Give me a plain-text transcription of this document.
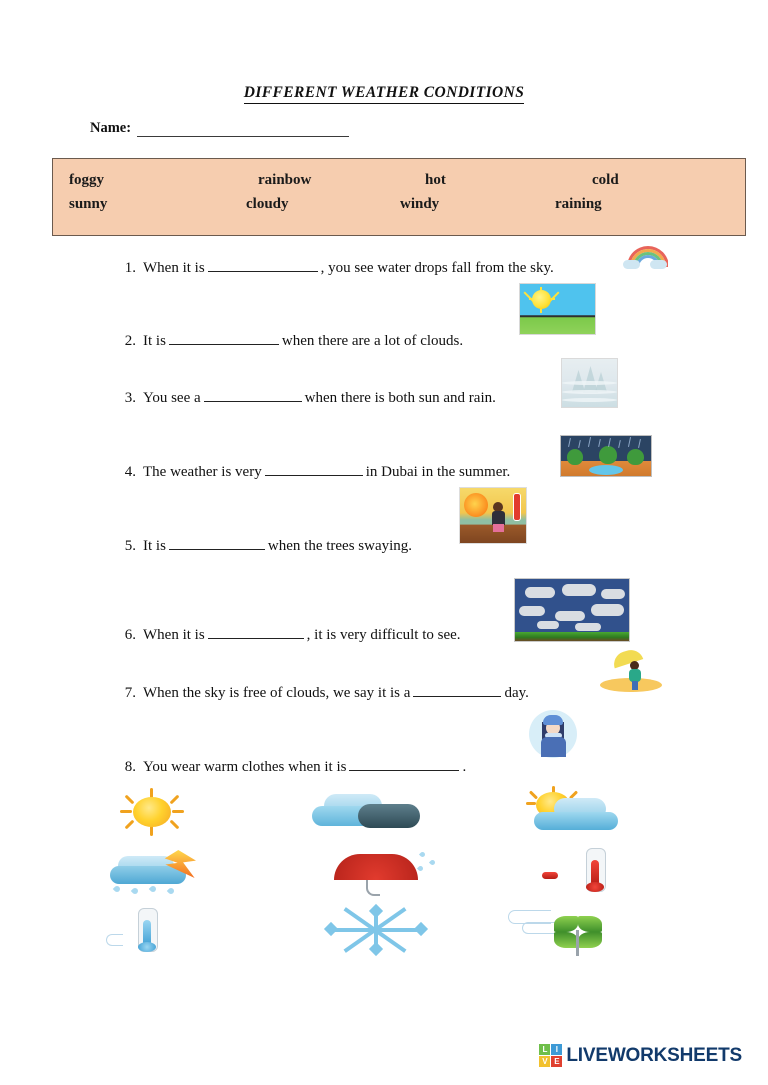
DIFFERENT WEATHER CONDITIONS
Name:
foggy	rainbow	hot	cold
sunny	cloudy	windy	raining
1. When it is	, you see water drops fall from the sky.
2. It is	when there are a lot of clouds.
3. You see a	when there is both sun and rain.
4. The weather is very	in Dubai in the summer.
5. It is	when the trees swaying.
6. When it is	, it is very difficult to see.
7. When the sky is free of clouds, we say it is a	day.
8. You wear warm clothes when it is	.
L	I
V E LIVEWORKSHEETS
